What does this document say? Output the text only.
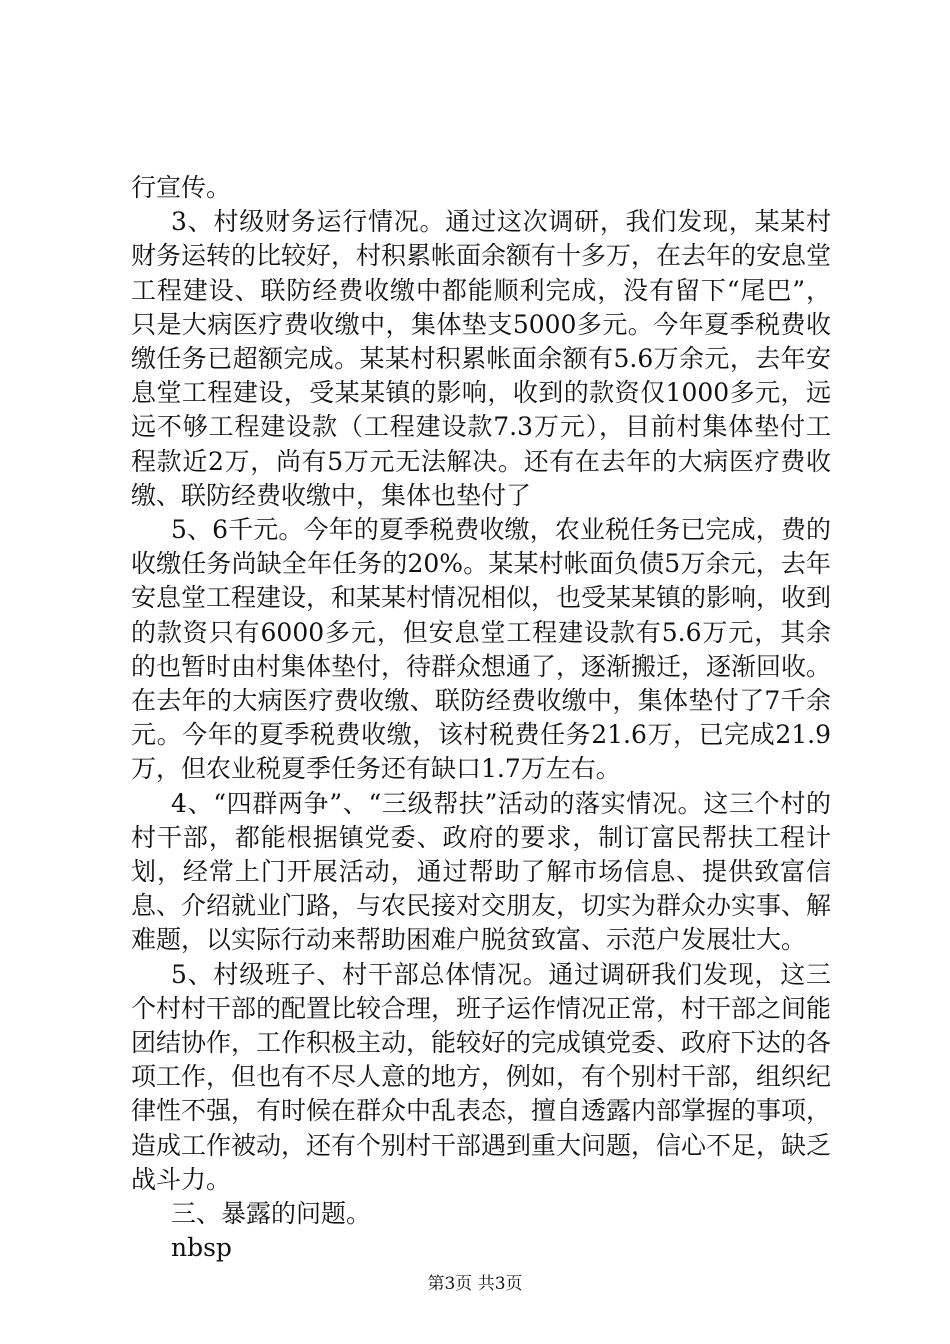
行宣传。

3、村级财务运行情况。通过这次调研，我们发现，某某村财务运转的比较好，村积累帐面余额有十多万，在去年的安息堂工程建设、联防经费收缴中都能顺利完成，没有留下“尾巴”，只是大病医疗费收缴中，集体垫支5000多元。今年夏季税费收缴任务已超额完成。某某村积累帐面余额有5.6万余元，去年安息堂工程建设，受某某镇的影响，收到的款资仅1000多元，远远不够工程建设款（工程建设款7.3万元），目前村集体垫付工程款近2万，尚有5万元无法解决。还有在去年的大病医疗费收缴、联防经费收缴中，集体也垫付了

5、6千元。今年的夏季税费收缴，农业税任务已完成，费的收缴任务尚缺全年任务的20%。某某村帐面负债5万余元，去年安息堂工程建设，和某某村情况相似，也受某某镇的影响，收到的款资只有6000多元，但安息堂工程建设款有5.6万元，其余的也暂时由村集体垫付，待群众想通了，逐渐搬迁，逐渐回收。在去年的大病医疗费收缴、联防经费收缴中，集体垫付了7千余元。今年的夏季税费收缴，该村税费任务21.6万，已完成21.9万，但农业税夏季任务还有缺口1.7万左右。

4、“四群两争”、“三级帮扶”活动的落实情况。这三个村的村干部，都能根据镇党委、政府的要求，制订富民帮扶工程计划，经常上门开展活动，通过帮助了解市场信息、提供致富信息、介绍就业门路，与农民接对交朋友，切实为群众办实事、解难题，以实际行动来帮助困难户脱贫致富、示范户发展壮大。

5、村级班子、村干部总体情况。通过调研我们发现，这三个村村干部的配置比较合理，班子运作情况正常，村干部之间能团结协作，工作积极主动，能较好的完成镇党委、政府下达的各项工作，但也有不尽人意的地方，例如，有个别村干部，组织纪律性不强，有时候在群众中乱表态，擅自透露内部掌握的事项，造成工作被动，还有个别村干部遇到重大问题，信心不足，缺乏战斗力。

三、暴露的问题。

nbsp

第3页 共3页
